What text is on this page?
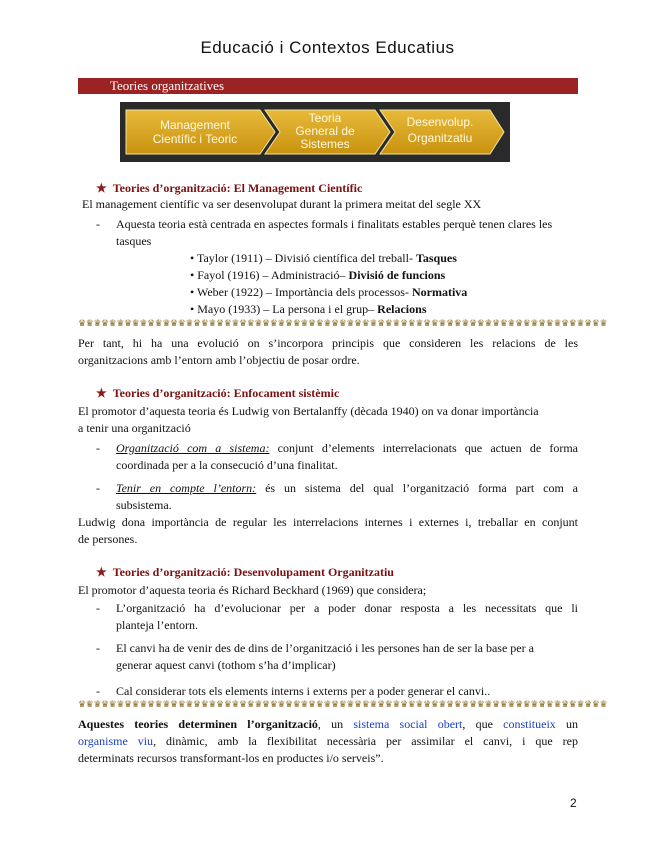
Educació i Contextos Educatius
Teories organitzatives
Management
Científic i Teoric
Teoria
General de
Sistemes
Desenvolup.
Organitzatiu
★ Teories d’organització: El Management Científic
El management científic va ser desenvolupat durant la primera meitat del segle XX
- Aquesta teoria està centrada en aspectes formals i finalitats estables perquè tenen clares les
tasques
• Taylor (1911) – Divisió científica del treball- Tasques
• Fayol (1916) – Administració– Divisió de funcions
• Weber (1922) – Importància dels processos- Normativa
• Mayo (1933) – La persona i el grup– Relacions
♛♛♛♛♛♛♛♛♛♛♛♛♛♛♛♛♛♛♛♛♛♛♛♛♛♛♛♛♛♛♛♛♛♛♛♛♛♛♛♛♛♛♛♛♛♛♛♛♛♛♛♛♛♛♛♛♛♛♛♛♛♛♛♛♛♛♛♛♛
Per tant, hi ha una evolució on s’incorpora principis que consideren les relacions de les
organitzacions amb l’entorn amb l’objectiu de posar ordre.
★ Teories d’organització: Enfocament sistèmic
El promotor d’aquesta teoria és Ludwig von Bertalanffy (dècada 1940) on va donar importància
a tenir una organització
- Organització com a sistema: conjunt d’elements interrelacionats que actuen de forma
coordinada per a la consecució d’una finalitat.
- Tenir en compte l’entorn: és un sistema del qual l’organització forma part com a
subsistema.
Ludwig dona importància de regular les interrelacions internes i externes i, treballar en conjunt
de persones.
★ Teories d’organització: Desenvolupament Organitzatiu
El promotor d’aquesta teoria és Richard Beckhard (1969) que considera;
- L’organització ha d’evolucionar per a poder donar resposta a les necessitats que li
planteja l’entorn.
- El canvi ha de venir des de dins de l’organització i les persones han de ser la base per a
generar aquest canvi (tothom s’ha d’implicar)
- Cal considerar tots els elements interns i externs per a poder generar el canvi..
♛♛♛♛♛♛♛♛♛♛♛♛♛♛♛♛♛♛♛♛♛♛♛♛♛♛♛♛♛♛♛♛♛♛♛♛♛♛♛♛♛♛♛♛♛♛♛♛♛♛♛♛♛♛♛♛♛♛♛♛♛♛♛♛♛♛♛♛♛
Aquestes teories determinen l’organització, un sistema social obert, que constitueix un
organisme viu, dinàmic, amb la flexibilitat necessària per assimilar el canvi, i que rep
determinats recursos transformant-los en productes i/o serveis”.
2
